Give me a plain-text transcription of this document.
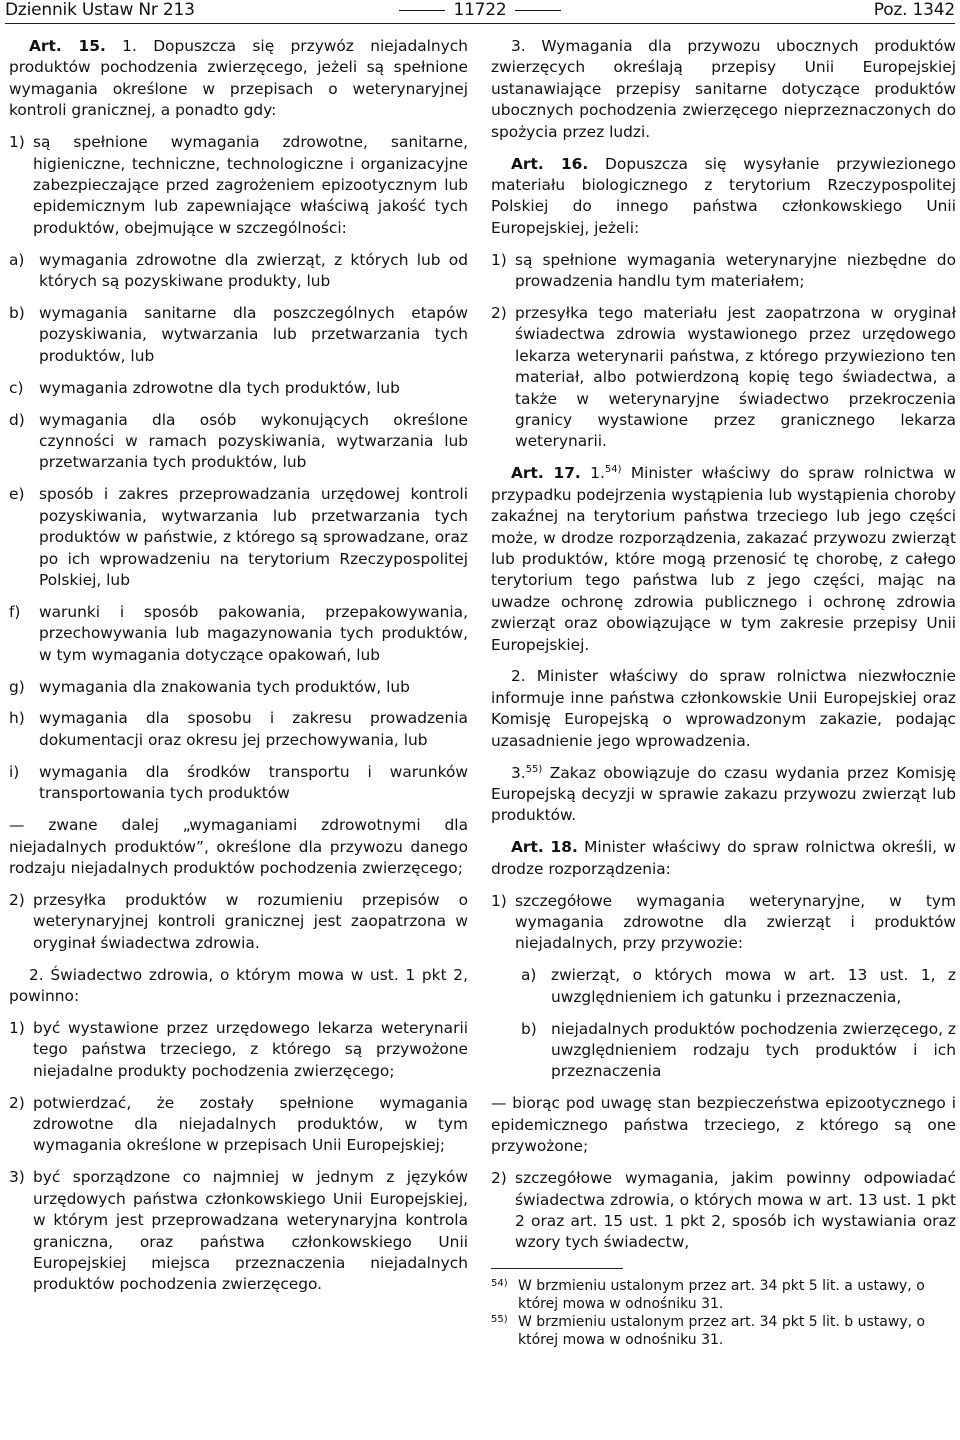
Dziennik Ustaw Nr 213	11722	Poz. 1342

Art. 15. 1. Dopuszcza się przywóz niejadalnych produktów pochodzenia zwierzęcego, jeżeli są spełnione wymagania określone w przepisach o weterynaryjnej kontroli granicznej, a ponadto gdy:

1) są spełnione wymagania zdrowotne, sanitarne, higieniczne, techniczne, technologiczne i organizacyjne zabezpieczające przed zagrożeniem epizootycznym lub epidemicznym lub zapewniające właściwą jakość tych produktów, obejmujące w szczególności:
a) wymagania zdrowotne dla zwierząt, z których lub od których są pozyskiwane produkty, lub
b) wymagania sanitarne dla poszczególnych etapów pozyskiwania, wytwarzania lub przetwarzania tych produktów, lub
c)	wymagania zdrowotne dla tych produktów, lub
d) wymagania dla osób wykonujących określone czynności w ramach pozyskiwania, wytwarzania lub przetwarzania tych produktów, lub
e) sposób i zakres przeprowadzania urzędowej kontroli pozyskiwania, wytwarzania lub przetwarzania tych produktów w państwie, z którego są sprowadzane, oraz po ich wprowadzeniu na terytorium Rzeczypospolitej Polskiej, lub
f)	warunki i sposób pakowania, przepakowywania, przechowywania lub magazynowania tych produktów, w tym wymagania dotyczące opakowań, lub
g) wymagania dla znakowania tych produktów, lub
h) wymagania dla sposobu i zakresu prowadzenia dokumentacji oraz okresu jej przechowywania, lub
i)	wymagania dla środków transportu i warunków transportowania tych produktów

— zwane dalej „wymaganiami zdrowotnymi dla niejadalnych produktów”, określone dla przywozu danego rodzaju niejadalnych produktów pochodzenia zwierzęcego;

2) przesyłka produktów w rozumieniu przepisów o weterynaryjnej kontroli granicznej jest zaopatrzona w oryginał świadectwa zdrowia.

2. Świadectwo zdrowia, o którym mowa w ust. 1 pkt 2, powinno:

1) być wystawione przez urzędowego lekarza weterynarii tego państwa trzeciego, z którego są przywożone niejadalne produkty pochodzenia zwierzęcego;
2) potwierdzać, że zostały spełnione wymagania zdrowotne dla niejadalnych produktów, w tym wymagania określone w przepisach Unii Europejskiej;
3) być sporządzone co najmniej w jednym z języków urzędowych państwa członkowskiego Unii Europejskiej, w którym jest przeprowadzana weterynaryjna kontrola graniczna, oraz państwa członkowskiego Unii Europejskiej miejsca przeznaczenia niejadalnych produktów pochodzenia zwierzęcego.

3. Wymagania dla przywozu ubocznych produktów zwierzęcych określają przepisy Unii Europejskiej ustanawiające przepisy sanitarne dotyczące produktów ubocznych pochodzenia zwierzęcego nieprzeznaczonych do spożycia przez ludzi.

Art. 16. Dopuszcza się wysyłanie przywiezionego materiału biologicznego z terytorium Rzeczypospolitej Polskiej do innego państwa członkowskiego Unii Europejskiej, jeżeli:

1) są spełnione wymagania weterynaryjne niezbędne do prowadzenia handlu tym materiałem;
2) przesyłka tego materiału jest zaopatrzona w oryginał świadectwa zdrowia wystawionego przez urzędowego lekarza weterynarii państwa, z którego przywieziono ten materiał, albo potwierdzoną kopię tego świadectwa, a także w weterynaryjne świadectwo przekroczenia granicy wystawione przez granicznego lekarza weterynarii.

Art. 17. 1.$^{54)}$ Minister właściwy do spraw rolnictwa w przypadku podejrzenia wystąpienia lub wystąpienia choroby zakaźnej na terytorium państwa trzeciego lub jego części może, w drodze rozporządzenia, zakazać przywozu zwierząt lub produktów, które mogą przenosić tę chorobę, z całego terytorium tego państwa lub z jego części, mając na uwadze ochronę zdrowia publicznego i ochronę zdrowia zwierząt oraz obowiązujące w tym zakresie przepisy Unii Europejskiej.

2. Minister właściwy do spraw rolnictwa niezwłocznie informuje inne państwa członkowskie Unii Europejskiej oraz Komisję Europejską o wprowadzonym zakazie, podając uzasadnienie jego wprowadzenia.

3.$^{55)}$ Zakaz obowiązuje do czasu wydania przez Komisję Europejską decyzji w sprawie zakazu przywozu zwierząt lub produktów.

Art. 18. Minister właściwy do spraw rolnictwa określi, w drodze rozporządzenia:

1) szczegółowe wymagania weterynaryjne, w tym wymagania zdrowotne dla zwierząt i produktów niejadalnych, przy przywozie:
a) zwierząt, o których mowa w art. 13 ust. 1, z uwzględnieniem ich gatunku i przeznaczenia,
b) niejadalnych produktów pochodzenia zwierzęcego, z uwzględnieniem rodzaju tych produktów i ich przeznaczenia

— biorąc pod uwagę stan bezpieczeństwa epizootycznego i epidemicznego państwa trzeciego, z którego są one przywożone;

2) szczegółowe wymagania, jakim powinny odpowiadać świadectwa zdrowia, o których mowa w art. 13 ust. 1 pkt 2 oraz art. 15 ust. 1 pkt 2, sposób ich wystawiania oraz wzory tych świadectw,
54) W brzmieniu ustalonym przez art. 34 pkt 5 lit. a ustawy, o której mowa w odnośniku 31.
55) W brzmieniu ustalonym przez art. 34 pkt 5 lit. b ustawy, o której mowa w odnośniku 31.
